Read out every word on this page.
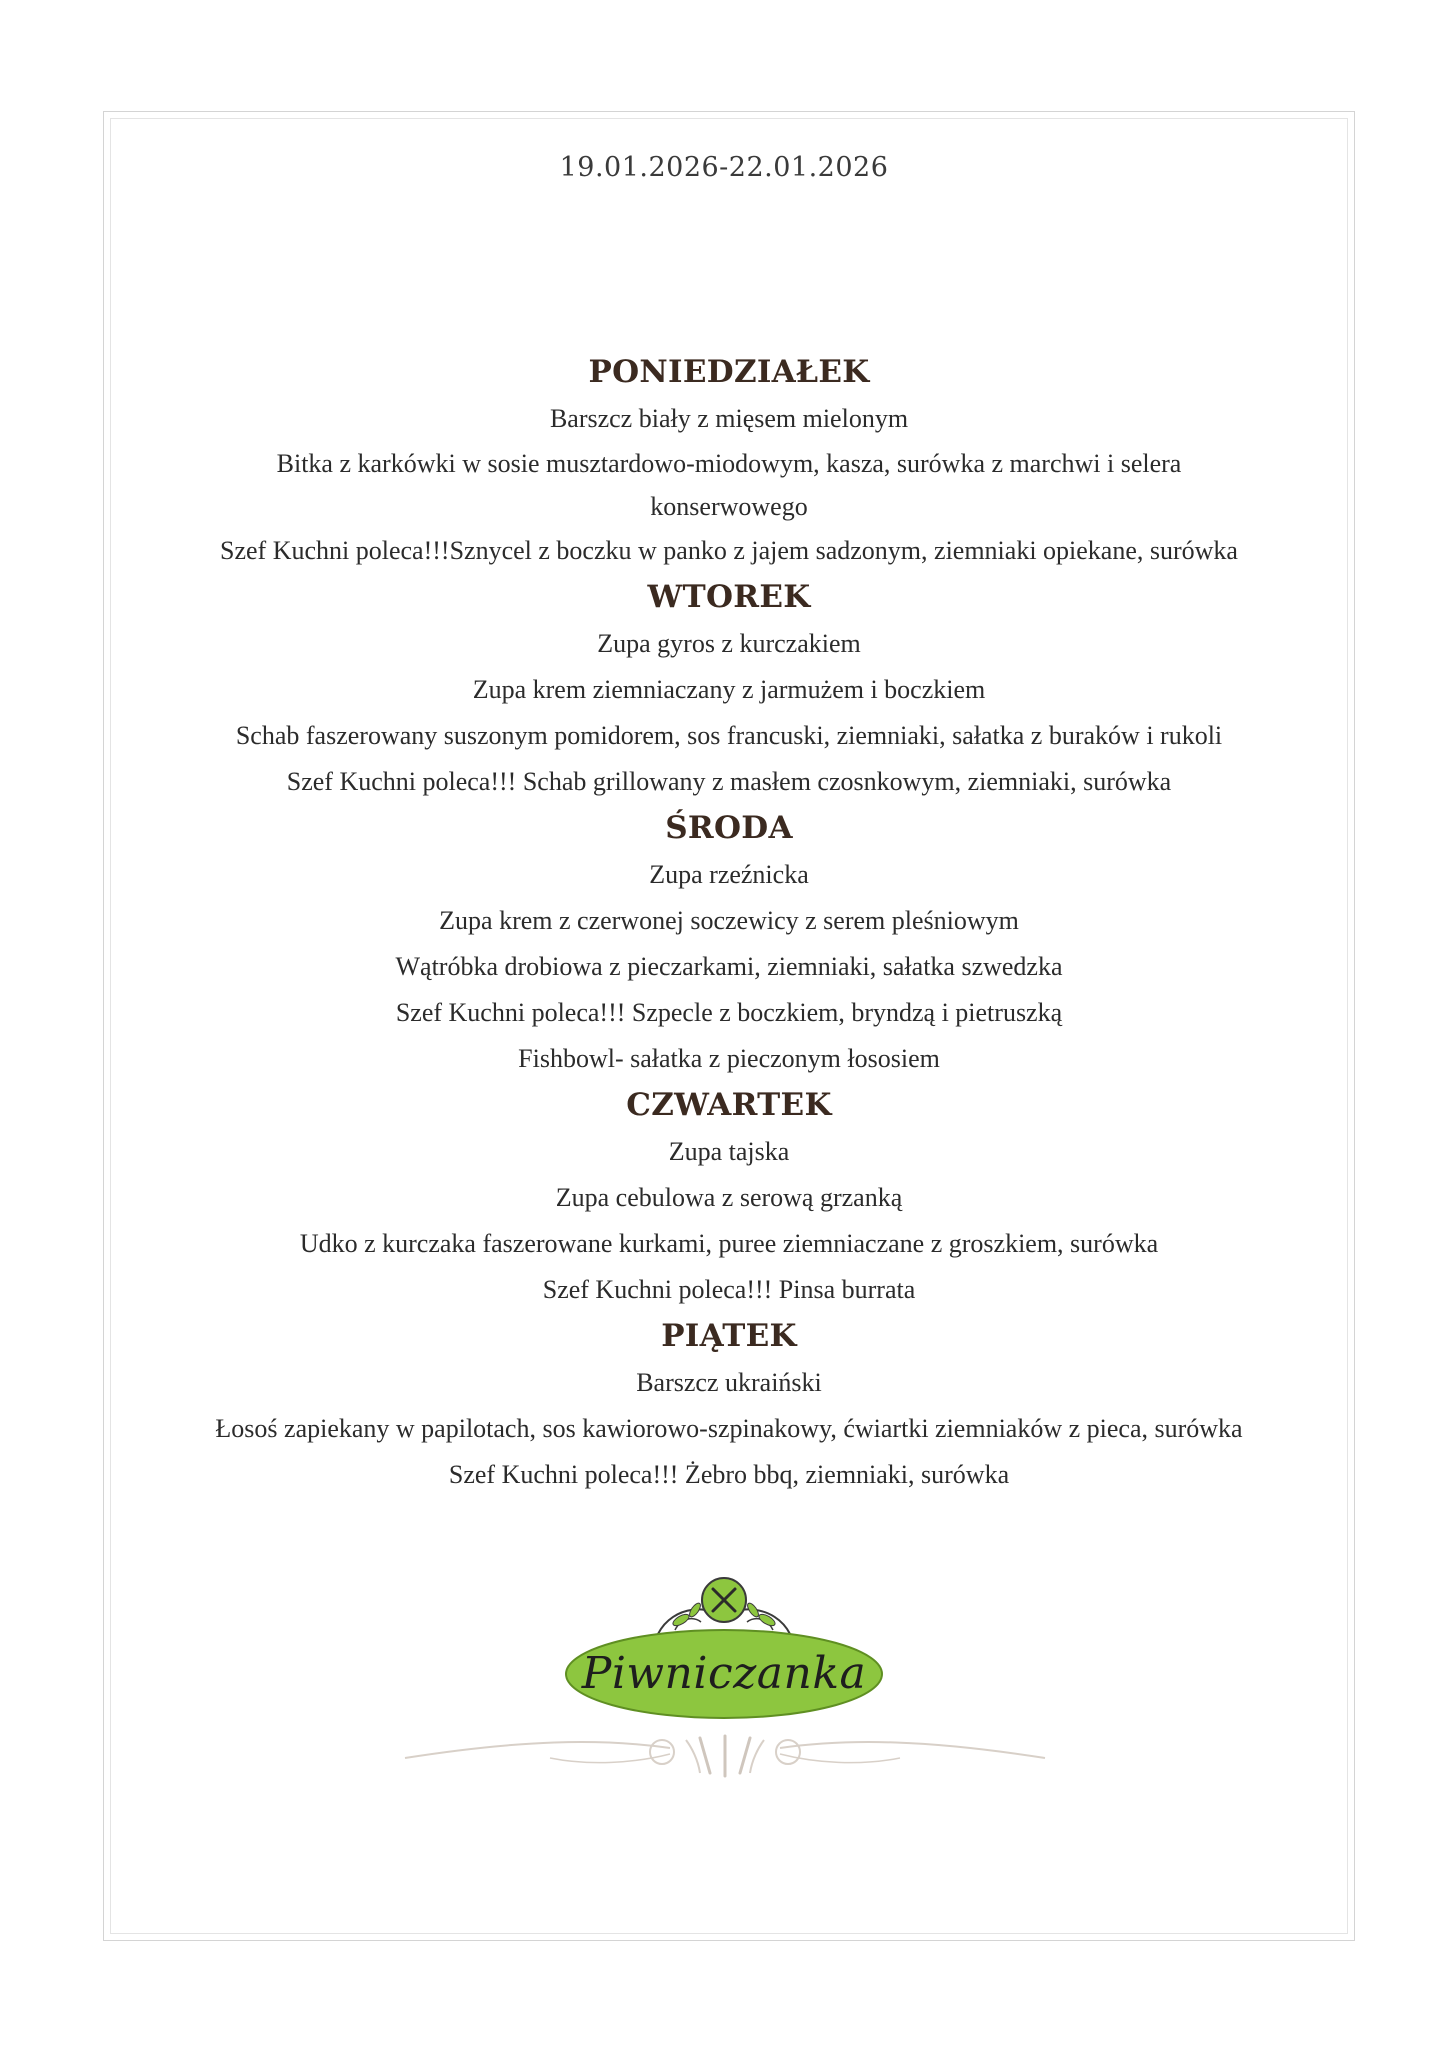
19.01.2026-22.01.2026
PONIEDZIAŁEK
Barszcz biały z mięsem mielonym
Bitka z karkówki w sosie musztardowo-miodowym, kasza, surówka z marchwi i selera konserwowego
Szef Kuchni poleca!!!Sznycel z boczku w panko z jajem sadzonym, ziemniaki opiekane, surówka
WTOREK
Zupa gyros z kurczakiem
Zupa krem ziemniaczany z jarmużem i boczkiem
Schab faszerowany suszonym pomidorem, sos francuski, ziemniaki, sałatka z buraków i rukoli
Szef Kuchni poleca!!! Schab grillowany z masłem czosnkowym, ziemniaki, surówka
ŚRODA
Zupa rzeźnicka
Zupa krem z czerwonej soczewicy z serem pleśniowym
Wątróbka drobiowa z pieczarkami, ziemniaki, sałatka szwedzka
Szef Kuchni poleca!!! Szpecle z boczkiem, bryndzą i pietruszką
Fishbowl- sałatka z pieczonym łososiem
CZWARTEK
Zupa tajska
Zupa cebulowa z serową grzanką
Udko z kurczaka faszerowane kurkami, puree ziemniaczane z groszkiem, surówka
Szef Kuchni poleca!!! Pinsa burrata
PIĄTEK
Barszcz ukraiński
Łosoś zapiekany w papilotach, sos kawiorowo-szpinakowy, ćwiartki ziemniaków z pieca, surówka
Szef Kuchni poleca!!! Żebro bbq, ziemniaki, surówka
Piwniczanka
